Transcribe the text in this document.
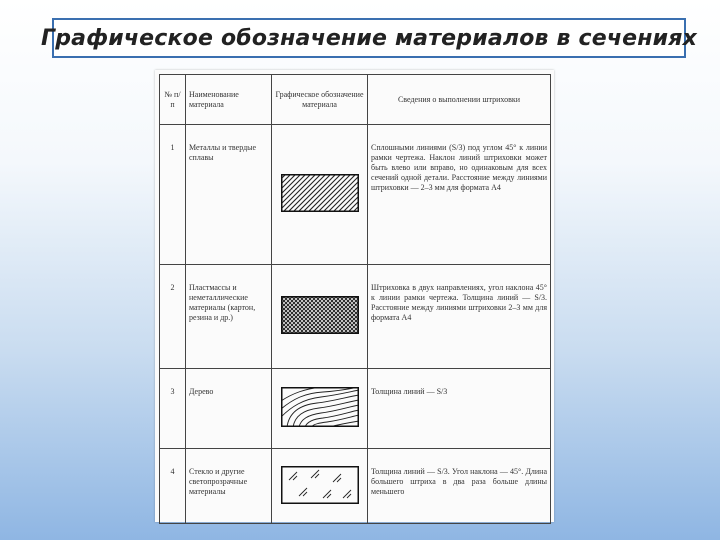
Графическое обозначение материалов в сечениях
№ п/п	Наименование материала	Графическое обозначение материала	Сведения о выполнении штриховки
1	Металлы и твердые сплавы		Сплошными линиями (S/3) под углом 45° к линии рамки чертежа. Наклон линий штриховки может быть влево или вправо, но одинаковым для всех сечений одной детали. Расстояние между линиями штриховки — 2–3 мм для формата А4
2	Пластмассы и неметаллические материалы (картон, резина и др.)		Штриховка в двух направлениях, угол наклона 45° к линии рамки чертежа. Толщина линий — S/3. Расстояние между линиями штриховки 2–3 мм для формата А4
3	Дерево		Толщина линий — S/3
4	Стекло и другие светопрозрачные материалы		Толщина линий — S/3. Угол наклона — 45°. Длина большего штриха в два раза больше длины меньшего
